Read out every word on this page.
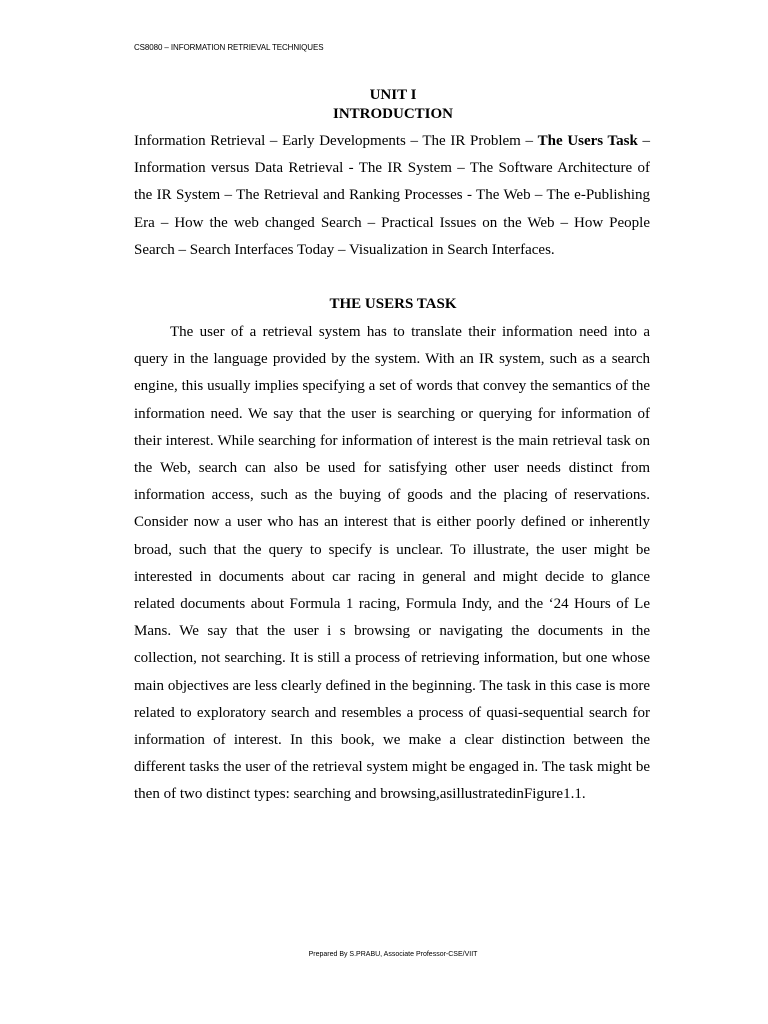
CS8080 – INFORMATION RETRIEVAL TECHNIQUES
UNIT I
INTRODUCTION
Information Retrieval – Early Developments – The IR Problem – The Users Task – Information versus Data Retrieval - The IR System – The Software Architecture of the IR System – The Retrieval and Ranking Processes - The Web – The e-Publishing Era – How the web changed Search – Practical Issues on the Web – How People Search – Search Interfaces Today – Visualization in Search Interfaces.
THE USERS TASK
The user of a retrieval system has to translate their information need into a query in the language provided by the system. With an IR system, such as a search engine, this usually implies specifying a set of words that convey the semantics of the information need. We say that the user is searching or querying for information of their interest. While searching for information of interest is the main retrieval task on the Web, search can also be used for satisfying other user needs distinct from information access, such as the buying of goods and the placing of reservations. Consider now a user who has an interest that is either poorly defined or inherently broad, such that the query to specify is unclear. To illustrate, the user might be interested in documents about car racing in general and might decide to glance related documents about Formula 1 racing, Formula Indy, and the ‘24 Hours of Le Mans. We say that the user i s browsing or navigating the documents in the collection, not searching. It is still a process of retrieving information, but one whose main objectives are less clearly defined in the beginning. The task in this case is more related to exploratory search and resembles a process of quasi-sequential search for information of interest. In this book, we make a clear distinction between the different tasks the user of the retrieval system might be engaged in. The task might be then of two distinct types: searching and browsing,asillustratedinFigure1.1.
Prepared By S.PRABU, Associate Professor-CSE/VIIT
